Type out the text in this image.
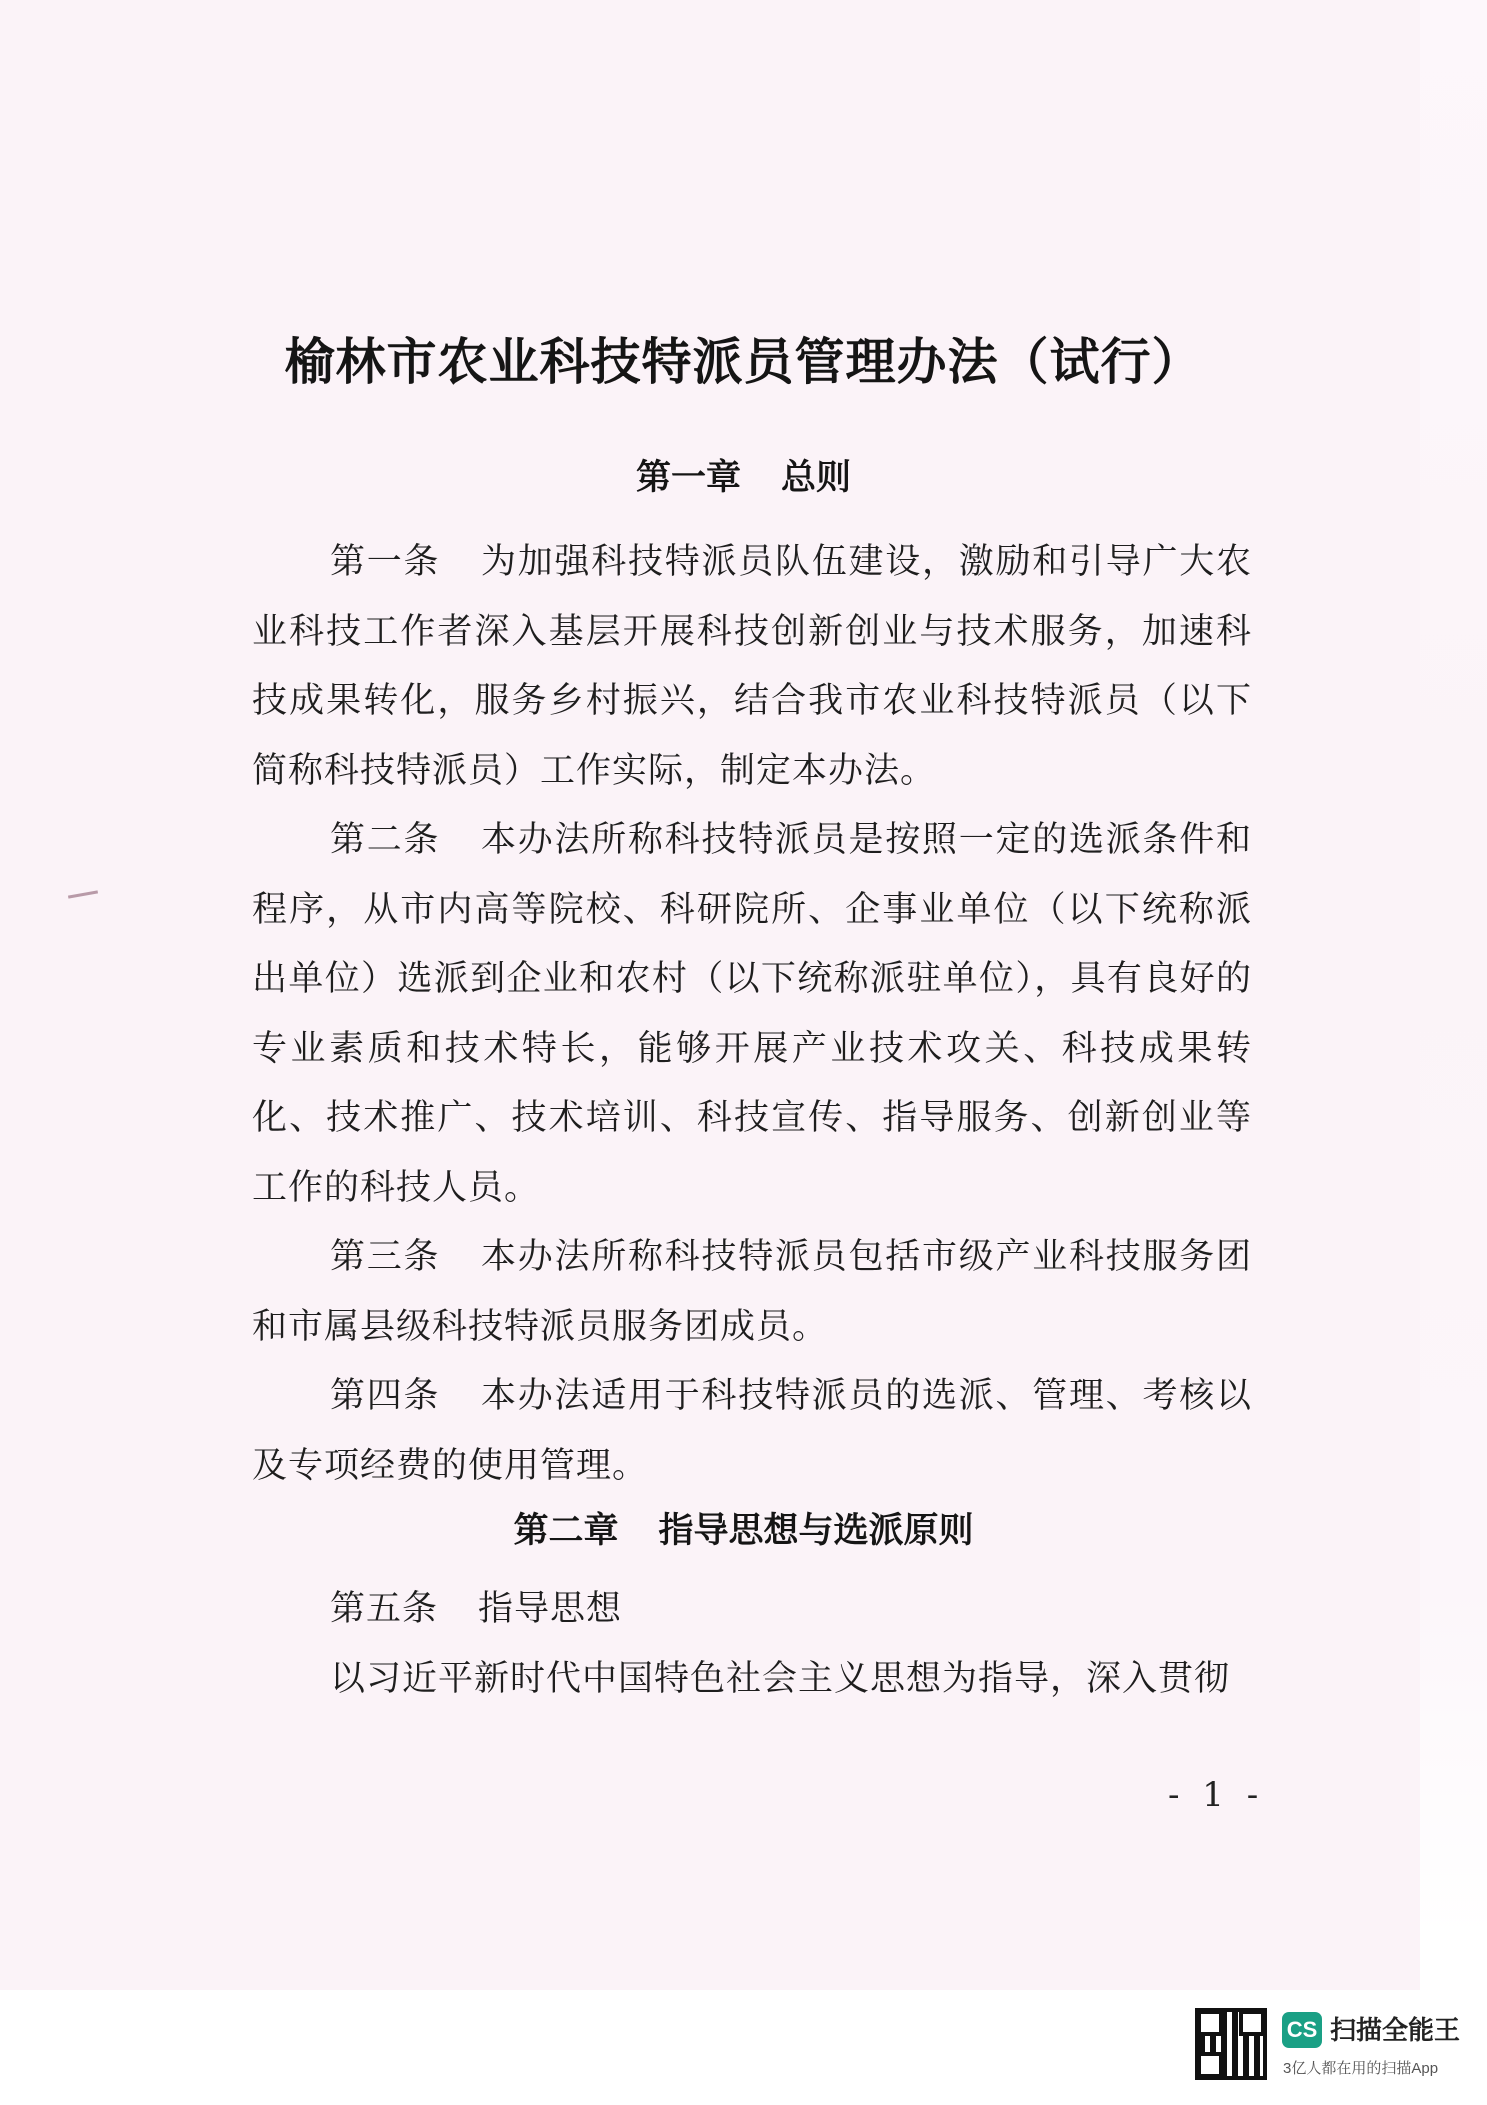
榆林市农业科技特派员管理办法（试行）
第一章 总则

第一条 为加强科技特派员队伍建设，激励和引导广大农业科技工作者深入基层开展科技创新创业与技术服务，加速科技成果转化，服务乡村振兴，结合我市农业科技特派员（以下简称科技特派员）工作实际，制定本办法。

第二条 本办法所称科技特派员是按照一定的选派条件和程序，从市内高等院校、科研院所、企事业单位（以下统称派出单位）选派到企业和农村（以下统称派驻单位），具有良好的专业素质和技术特长，能够开展产业技术攻关、科技成果转化、技术推广、技术培训、科技宣传、指导服务、创新创业等工作的科技人员。

第三条 本办法所称科技特派员包括市级产业科技服务团和市属县级科技特派员服务团成员。

第四条 本办法适用于科技特派员的选派、管理、考核以及专项经费的使用管理。

第二章 指导思想与选派原则

第五条 指导思想

以习近平新时代中国特色社会主义思想为指导，深入贯彻

- 1 -
CS 扫描全能王
3亿人都在用的扫描App
